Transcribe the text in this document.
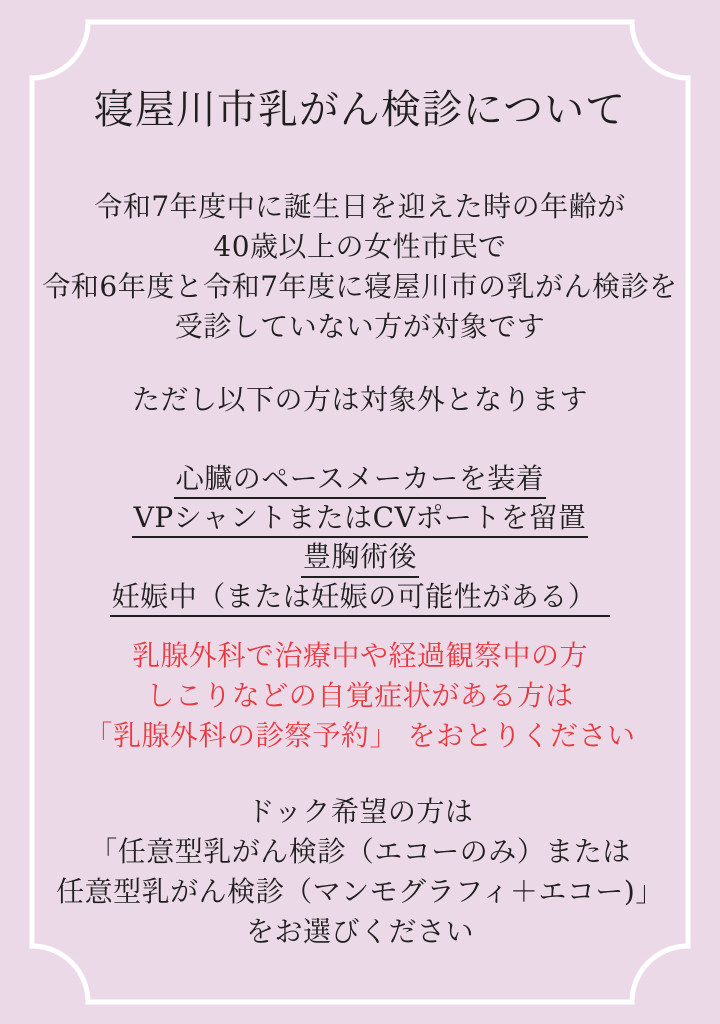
寝屋川市乳がん検診について
令和7年度中に誕生日を迎えた時の年齢が
40歳以上の女性市民で
令和6年度と令和7年度に寝屋川市の乳がん検診を
受診していない方が対象です
ただし以下の方は対象外となります
心臓のペースメーカーを装着
VPシャントまたはCVポートを留置
豊胸術後
妊娠中（または妊娠の可能性がある）
乳腺外科で治療中や経過観察中の方
しこりなどの自覚症状がある方は
「乳腺外科の診察予約」 をおとりください
ドック希望の方は
「任意型乳がん検診（エコーのみ）または
任意型乳がん検診（マンモグラフィ＋エコー)」
をお選びください
